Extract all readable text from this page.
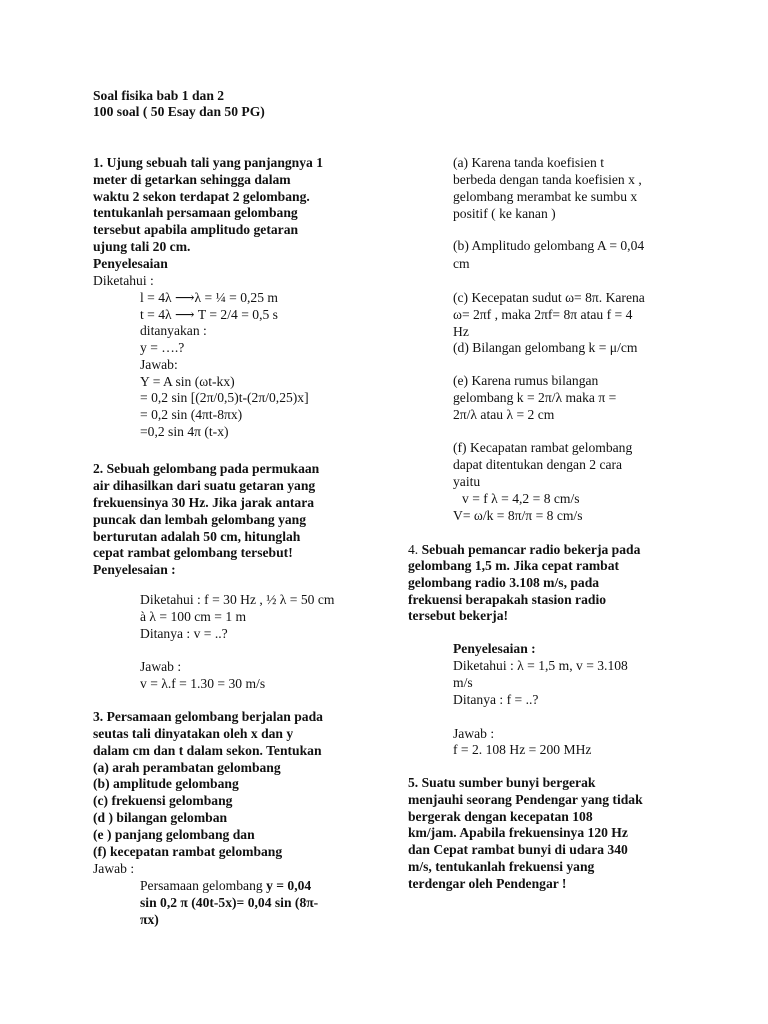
Soal fisika bab 1 dan 2
100 soal ( 50 Esay dan 50 PG)
1. Ujung sebuah tali yang panjangnya 1
meter di getarkan sehingga dalam
waktu 2 sekon terdapat 2 gelombang.
tentukanlah persamaan gelombang
tersebut apabila amplitudo getaran
ujung tali 20 cm.
Penyelesaian
Diketahui :
l = 4λ ⟶λ = ¼ = 0,25 m
t = 4λ ⟶ T = 2/4 = 0,5 s
ditanyakan :
y = ….?
Jawab:
Y = A sin (ωt-kx)
= 0,2 sin [(2π/0,5)t-(2π/0,25)x]
= 0,2 sin (4πt-8πx)
=0,2 sin 4π (t-x)
2. Sebuah gelombang pada permukaan
air dihasilkan dari suatu getaran yang
frekuensinya 30 Hz. Jika jarak antara
puncak dan lembah gelombang yang
berturutan adalah 50 cm, hitunglah
cepat rambat gelombang tersebut!
Penyelesaian :
Diketahui : f = 30 Hz , ½ λ = 50 cm
à λ = 100 cm = 1 m
Ditanya : v = ..?
Jawab :
v = λ.f = 1.30 = 30 m/s
3. Persamaan gelombang berjalan pada
seutas tali dinyatakan oleh x dan y
dalam cm dan t dalam sekon. Tentukan
(a) arah perambatan gelombang
(b) amplitude gelombang
(c) frekuensi gelombang
(d ) bilangan gelomban
(e ) panjang gelombang dan
(f) kecepatan rambat gelombang
Jawab :
Persamaan gelombang y = 0,04
sin 0,2 π (40t-5x)= 0,04 sin (8π-
πx)
(a) Karena tanda koefisien t
berbeda dengan tanda koefisien x ,
gelombang merambat ke sumbu x
positif ( ke kanan )
(b) Amplitudo gelombang A = 0,04
cm
(c) Kecepatan sudut ω= 8π. Karena
ω= 2πf , maka 2πf= 8π atau f = 4
Hz
(d) Bilangan gelombang k = μ/cm
(e) Karena rumus bilangan
gelombang k = 2π/λ maka π =
2π/λ atau λ = 2 cm
(f) Kecapatan rambat gelombang
dapat ditentukan dengan 2 cara
yaitu
v = f λ = 4,2 = 8 cm/s
V= ω/k = 8π/π = 8 cm/s
4. Sebuah pemancar radio bekerja pada
gelombang 1,5 m. Jika cepat rambat
gelombang radio 3.108 m/s, pada
frekuensi berapakah stasion radio
tersebut bekerja!
Penyelesaian :
Diketahui : λ = 1,5 m, v = 3.108
m/s
Ditanya : f = ..?
Jawab :
f = 2. 108 Hz = 200 MHz
5. Suatu sumber bunyi bergerak
menjauhi seorang Pendengar yang tidak
bergerak dengan kecepatan 108
km/jam. Apabila frekuensinya 120 Hz
dan Cepat rambat bunyi di udara 340
m/s, tentukanlah frekuensi yang
terdengar oleh Pendengar !
